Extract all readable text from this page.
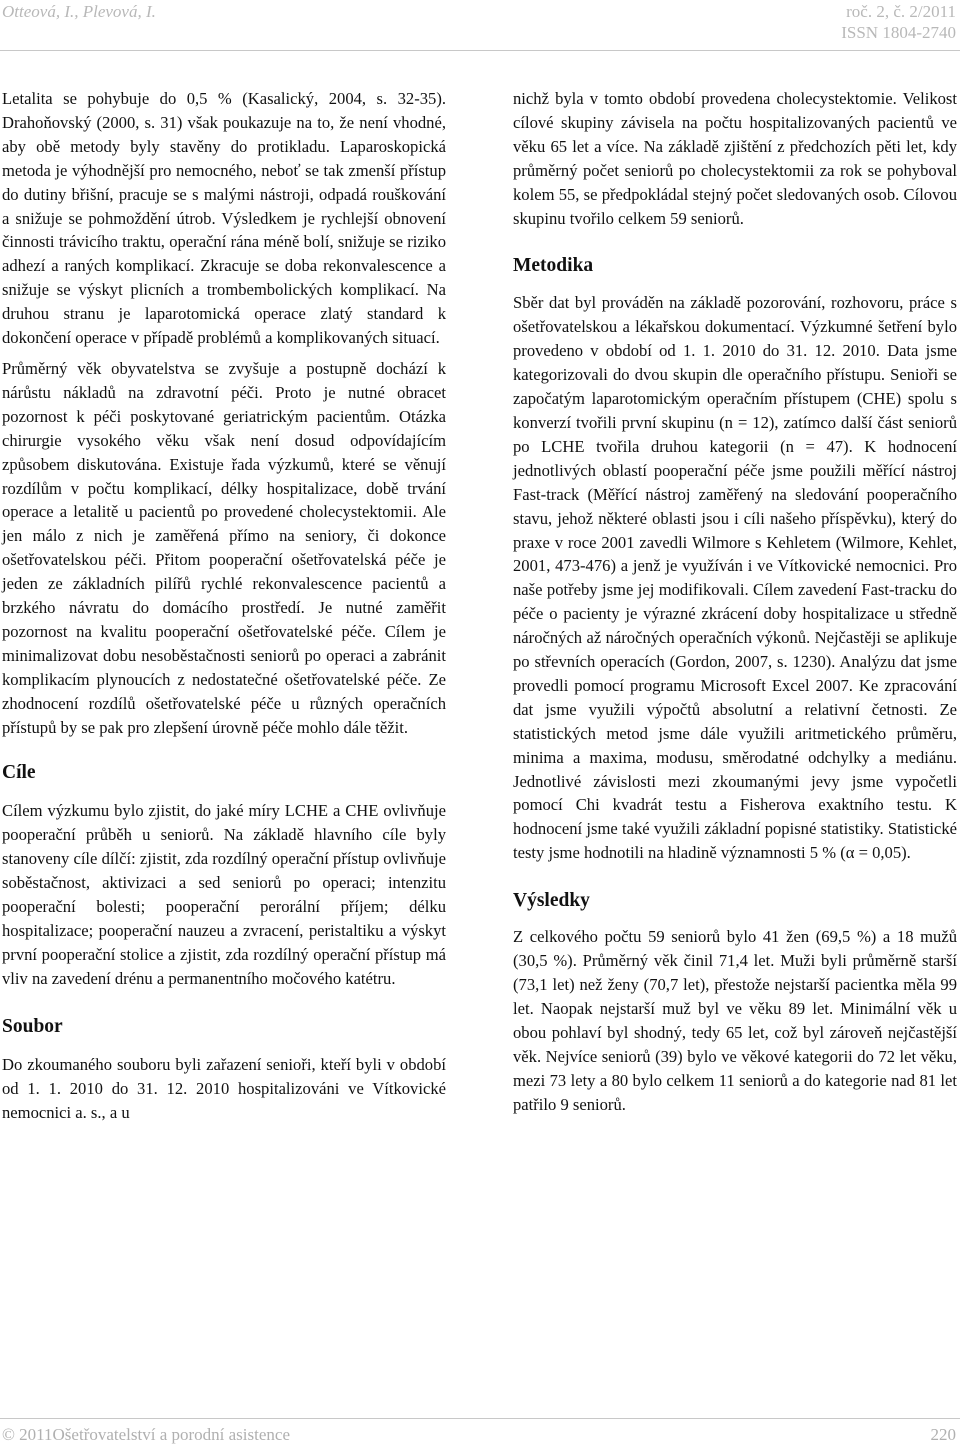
Otteová, I., Plevová, I.	roč. 2, č. 2/2011
ISSN 1804-2740

Letalita se pohybuje do 0,5 % (Kasalický, 2004, s. 32-35). Drahoňovský (2000, s. 31) však poukazuje na to, že není vhodné, aby obě metody byly stavěny do protikladu. Laparoskopická metoda je výhodnější pro nemocného, neboť se tak zmenší přístup do dutiny břišní, pracuje se s malými nástroji, odpadá rouškování a snižuje se pohmoždění útrob. Výsledkem je rychlejší obnovení činnosti trávicího traktu, operační rána méně bolí, snižuje se riziko adhezí a raných komplikací. Zkracuje se doba rekonvalescence a snižuje se výskyt plicních a trombembolických komplikací. Na druhou stranu je laparotomická operace zlatý standard k dokončení operace v případě problémů a komplikovaných situací.

Průměrný věk obyvatelstva se zvyšuje a postupně dochází k nárůstu nákladů na zdravotní péči. Proto je nutné obracet pozornost k péči poskytované geriatrickým pacientům. Otázka chirurgie vysokého věku však není dosud odpovídajícím způsobem diskutována. Existuje řada výzkumů, které se věnují rozdílům v počtu komplikací, délky hospitalizace, době trvání operace a letalitě u pacientů po provedené cholecystektomii. Ale jen málo z nich je zaměřená přímo na seniory, či dokonce ošetřovatelskou péči. Přitom pooperační ošetřovatelská péče je jeden ze základních pilířů rychlé rekonvalescence pacientů a brzkého návratu do domácího prostředí. Je nutné zaměřit pozornost na kvalitu pooperační ošetřovatelské péče. Cílem je minimalizovat dobu nesoběstačnosti seniorů po operaci a zabránit komplikacím plynoucích z nedostatečné ošetřovatelské péče. Ze zhodnocení rozdílů ošetřovatelské péče u různých operačních přístupů by se pak pro zlepšení úrovně péče mohlo dále těžit.

Cíle

Cílem výzkumu bylo zjistit, do jaké míry LCHE a CHE ovlivňuje pooperační průběh u seniorů. Na základě hlavního cíle byly stanoveny cíle dílčí: zjistit, zda rozdílný operační přístup ovlivňuje soběstačnost, aktivizaci a sed seniorů po operaci; intenzitu pooperační bolesti; pooperační perorální příjem; délku hospitalizace; pooperační nauzeu a zvracení, peristaltiku a výskyt první pooperační stolice a zjistit, zda rozdílný operační přístup má vliv na zavedení drénu a permanentního močového katétru.

Soubor

Do zkoumaného souboru byli zařazení senioři, kteří byli v období od 1. 1. 2010 do 31. 12. 2010 hospitalizováni ve Vítkovické nemocnici a. s., a u

nichž byla v tomto období provedena cholecystektomie. Velikost cílové skupiny závisela na počtu hospitalizovaných pacientů ve věku 65 let a více. Na základě zjištění z předchozích pěti let, kdy průměrný počet seniorů po cholecystektomii za rok se pohyboval kolem 55, se předpokládal stejný počet sledovaných osob. Cílovou skupinu tvořilo celkem 59 seniorů.

Metodika

Sběr dat byl prováděn na základě pozorování, rozhovoru, práce s ošetřovatelskou a lékařskou dokumentací. Výzkumné šetření bylo provedeno v období od 1. 1. 2010 do 31. 12. 2010. Data jsme kategorizovali do dvou skupin dle operačního přístupu. Senioři se započatým laparotomickým operačním přístupem (CHE) spolu s konverzí tvořili první skupinu (n = 12), zatímco další část seniorů po LCHE tvořila druhou kategorii (n = 47). K hodnocení jednotlivých oblastí pooperační péče jsme použili měřící nástroj Fast-track (Měřící nástroj zaměřený na sledování pooperačního stavu, jehož některé oblasti jsou i cíli našeho příspěvku), který do praxe v roce 2001 zavedli Wilmore s Kehletem (Wilmore, Kehlet, 2001, 473-476) a jenž je využíván i ve Vítkovické nemocnici. Pro naše potřeby jsme jej modifikovali. Cílem zavedení Fast-tracku do péče o pacienty je výrazné zkrácení doby hospitalizace u středně náročných až náročných operačních výkonů. Nejčastěji se aplikuje po střevních operacích (Gordon, 2007, s. 1230). Analýzu dat jsme provedli pomocí programu Microsoft Excel 2007. Ke zpracování dat jsme využili výpočtů absolutní a relativní četnosti. Ze statistických metod jsme dále využili aritmetického průměru, minima a maxima, modusu, směrodatné odchylky a mediánu. Jednotlivé závislosti mezi zkoumanými jevy jsme vypočetli pomocí Chi kvadrát testu a Fisherova exaktního testu. K hodnocení jsme také využili základní popisné statistiky. Statistické testy jsme hodnotili na hladině významnosti 5 % (α = 0,05).

Výsledky

Z celkového počtu 59 seniorů bylo 41 žen (69,5 %) a 18 mužů (30,5 %). Průměrný věk činil 71,4 let. Muži byli průměrně starší (73,1 let) než ženy (70,7 let), přestože nejstarší pacientka měla 99 let. Naopak nejstarší muž byl ve věku 89 let. Minimální věk u obou pohlaví byl shodný, tedy 65 let, což byl zároveň nejčastější věk. Nejvíce seniorů (39) bylo ve věkové kategorii do 72 let věku, mezi 73 lety a 80 bylo celkem 11 seniorů a do kategorie nad 81 let patřilo 9 seniorů.

© 2011Ošetřovatelství a porodní asistence	220
